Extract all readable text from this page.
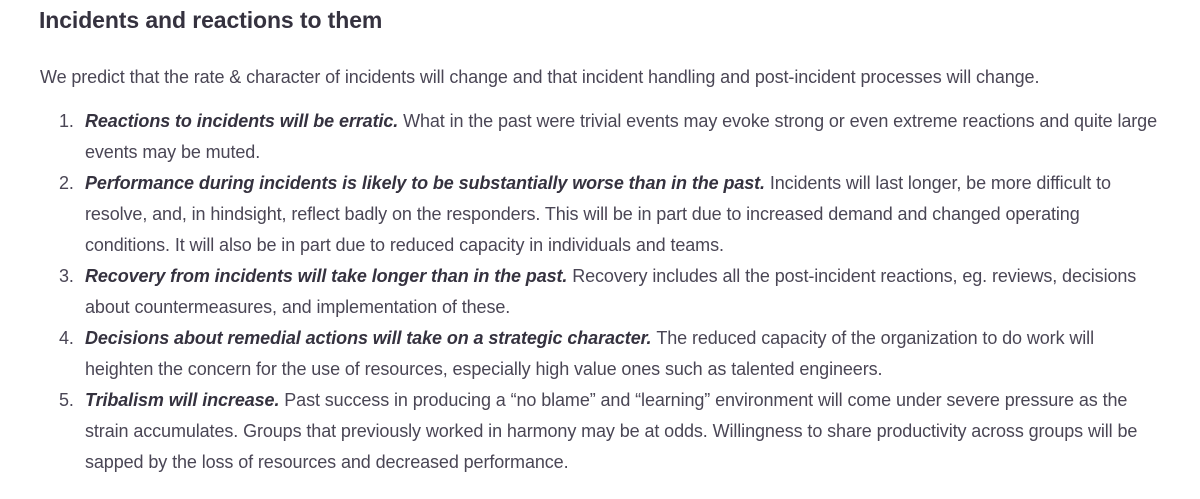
Incidents and reactions to them

We predict that the rate & character of incidents will change and that incident handling and post-incident processes will change.

1. Reactions to incidents will be erratic. What in the past were trivial events may evoke strong or even extreme reactions and quite large events may be muted.
2. Performance during incidents is likely to be substantially worse than in the past. Incidents will last longer, be more difficult to resolve, and, in hindsight, reflect badly on the responders. This will be in part due to increased demand and changed operating conditions. It will also be in part due to reduced capacity in individuals and teams.
3. Recovery from incidents will take longer than in the past. Recovery includes all the post-incident reactions, eg. reviews, decisions about countermeasures, and implementation of these.
4. Decisions about remedial actions will take on a strategic character. The reduced capacity of the organization to do work will heighten the concern for the use of resources, especially high value ones such as talented engineers.
5. Tribalism will increase. Past success in producing a “no blame” and “learning” environment will come under severe pressure as the strain accumulates. Groups that previously worked in harmony may be at odds. Willingness to share productivity across groups will be sapped by the loss of resources and decreased performance.
